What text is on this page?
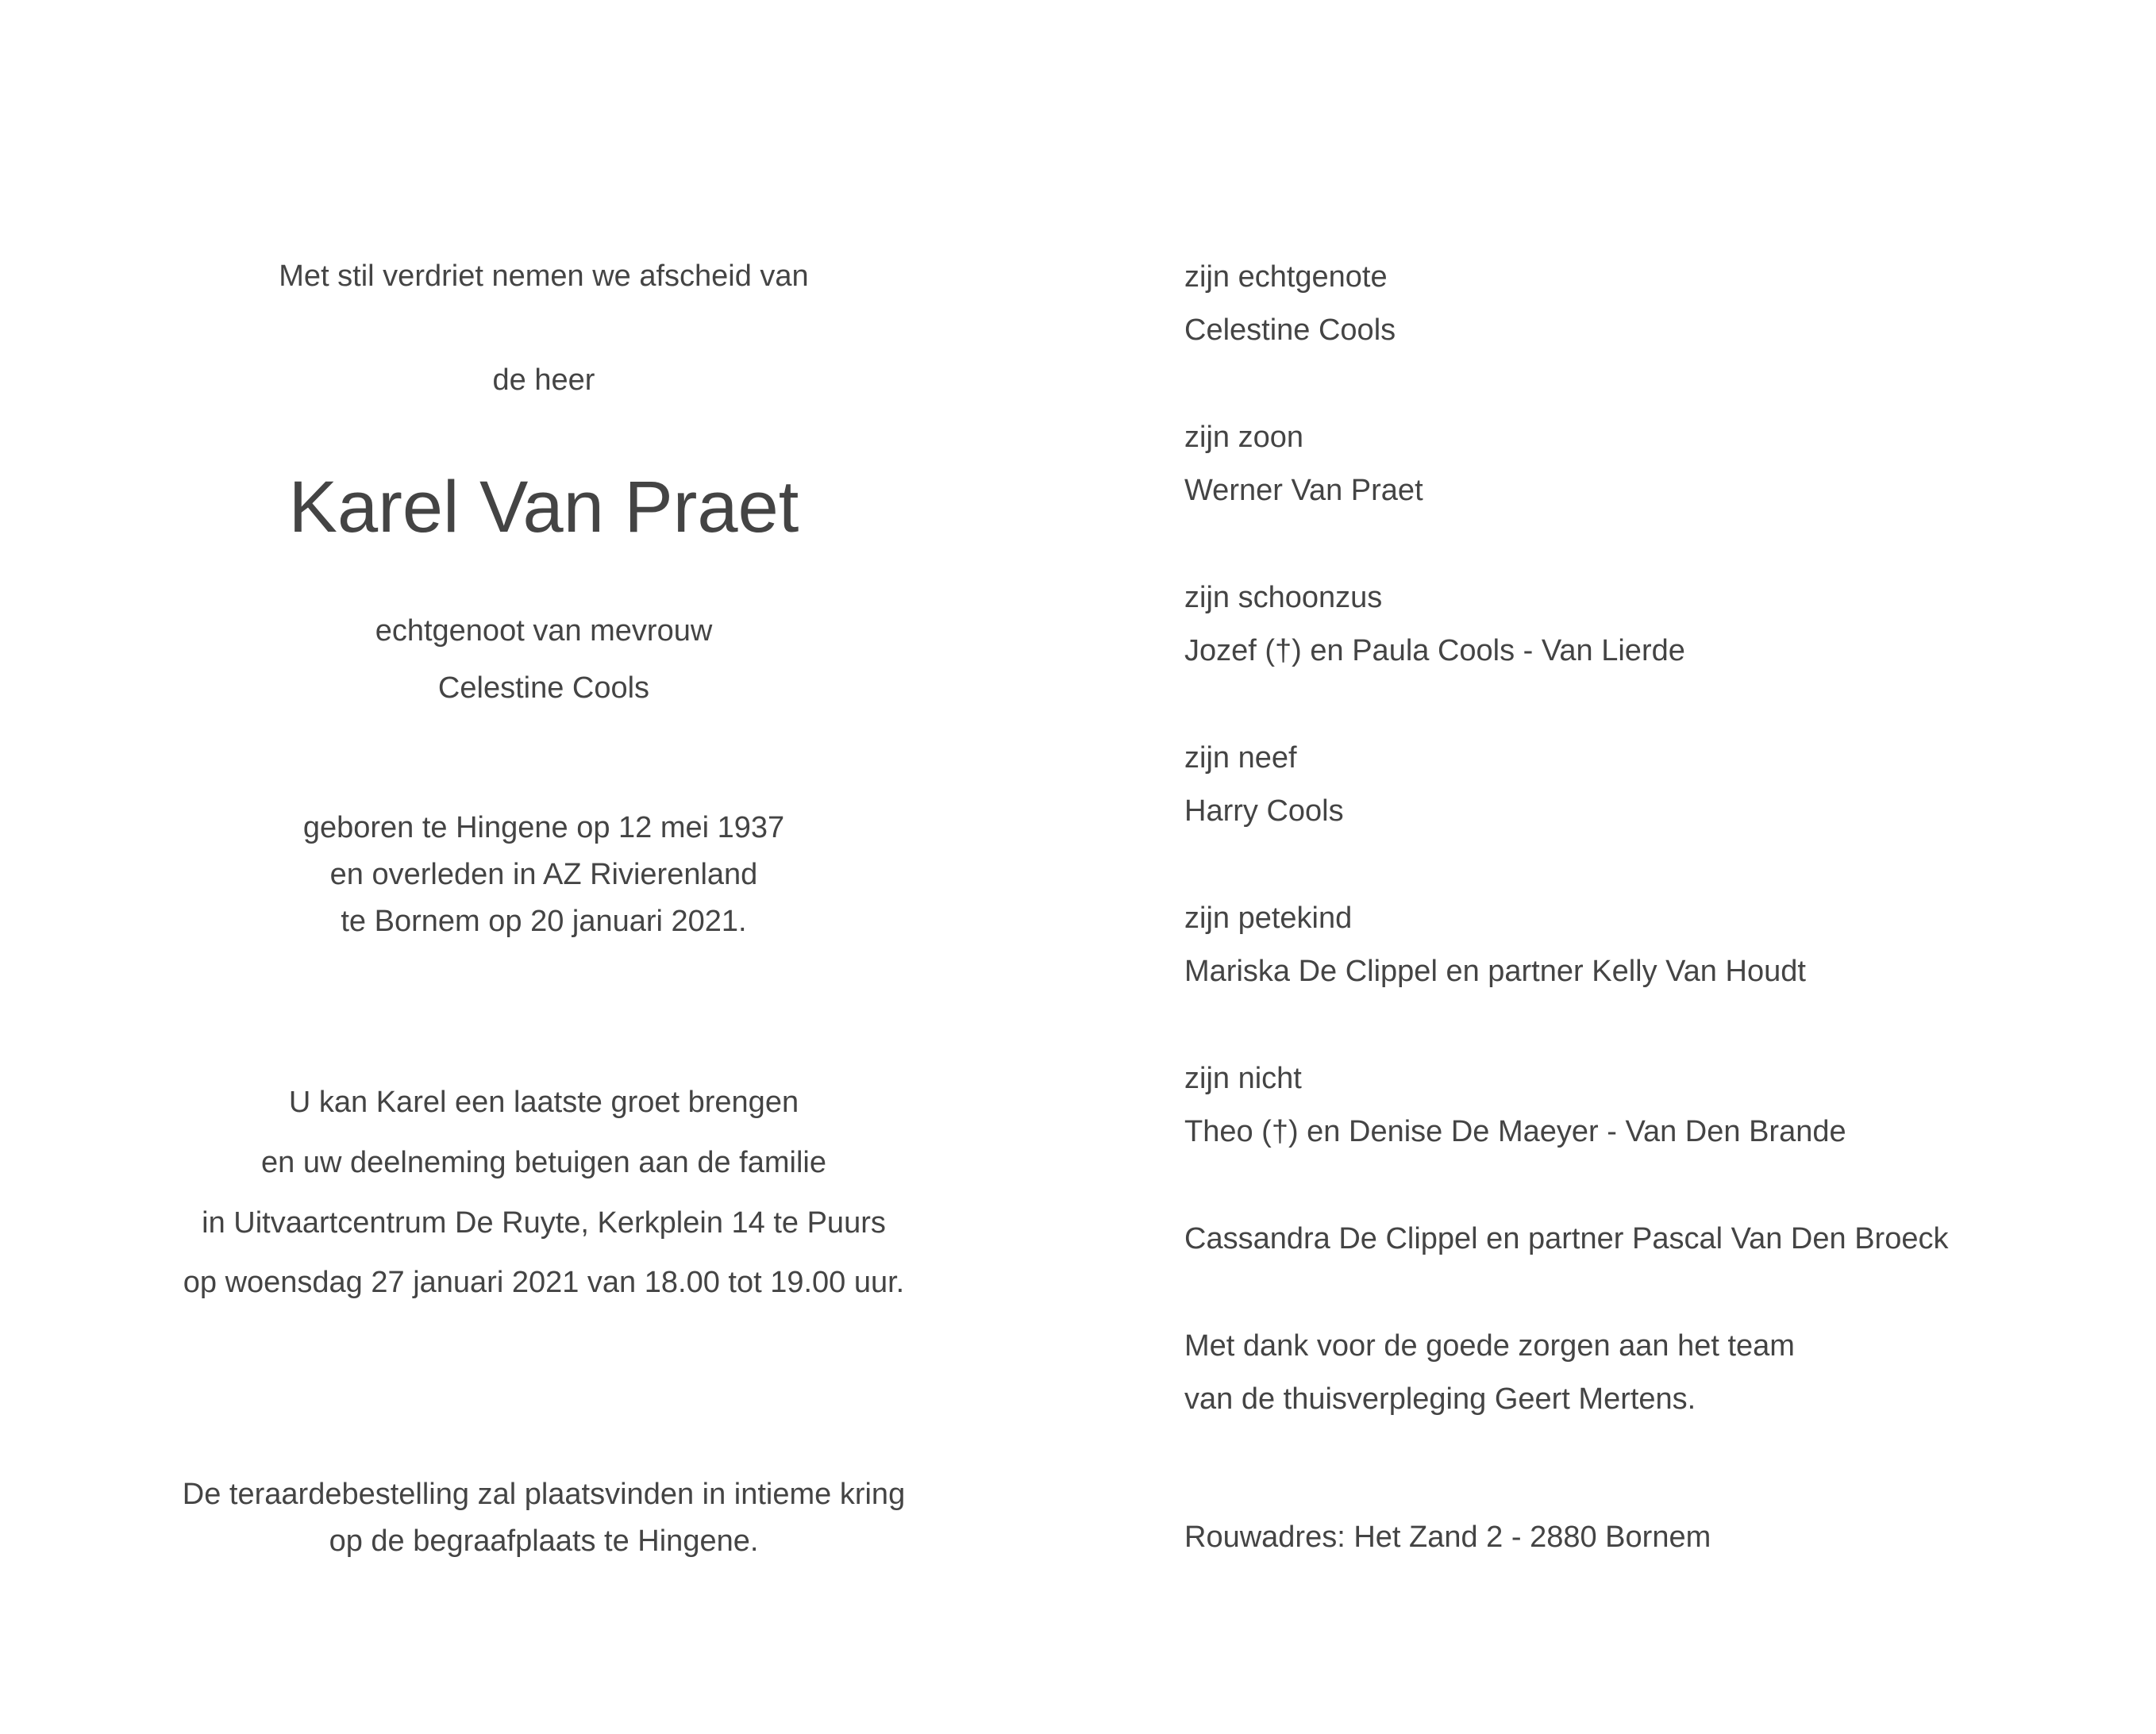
Met stil verdriet nemen we afscheid van
de heer
Karel Van Praet
echtgenoot van mevrouw
Celestine Cools
geboren te Hingene op 12 mei 1937
en overleden in AZ Rivierenland
te Bornem op 20 januari 2021.
U kan Karel een laatste groet brengen
en uw deelneming betuigen aan de familie
in Uitvaartcentrum De Ruyte, Kerkplein 14 te Puurs
op woensdag 27 januari 2021 van 18.00 tot 19.00 uur.
De teraardebestelling zal plaatsvinden in intieme kring
op de begraafplaats te Hingene.
zijn echtgenote
Celestine Cools
zijn zoon
Werner Van Praet
zijn schoonzus
Jozef (†) en Paula Cools - Van Lierde
zijn neef
Harry Cools
zijn petekind
Mariska De Clippel en partner Kelly Van Houdt
zijn nicht
Theo (†) en Denise De Maeyer - Van Den Brande
Cassandra De Clippel en partner Pascal Van Den Broeck
Met dank voor de goede zorgen aan het team
van de thuisverpleging Geert Mertens.
Rouwadres: Het Zand 2 - 2880 Bornem
